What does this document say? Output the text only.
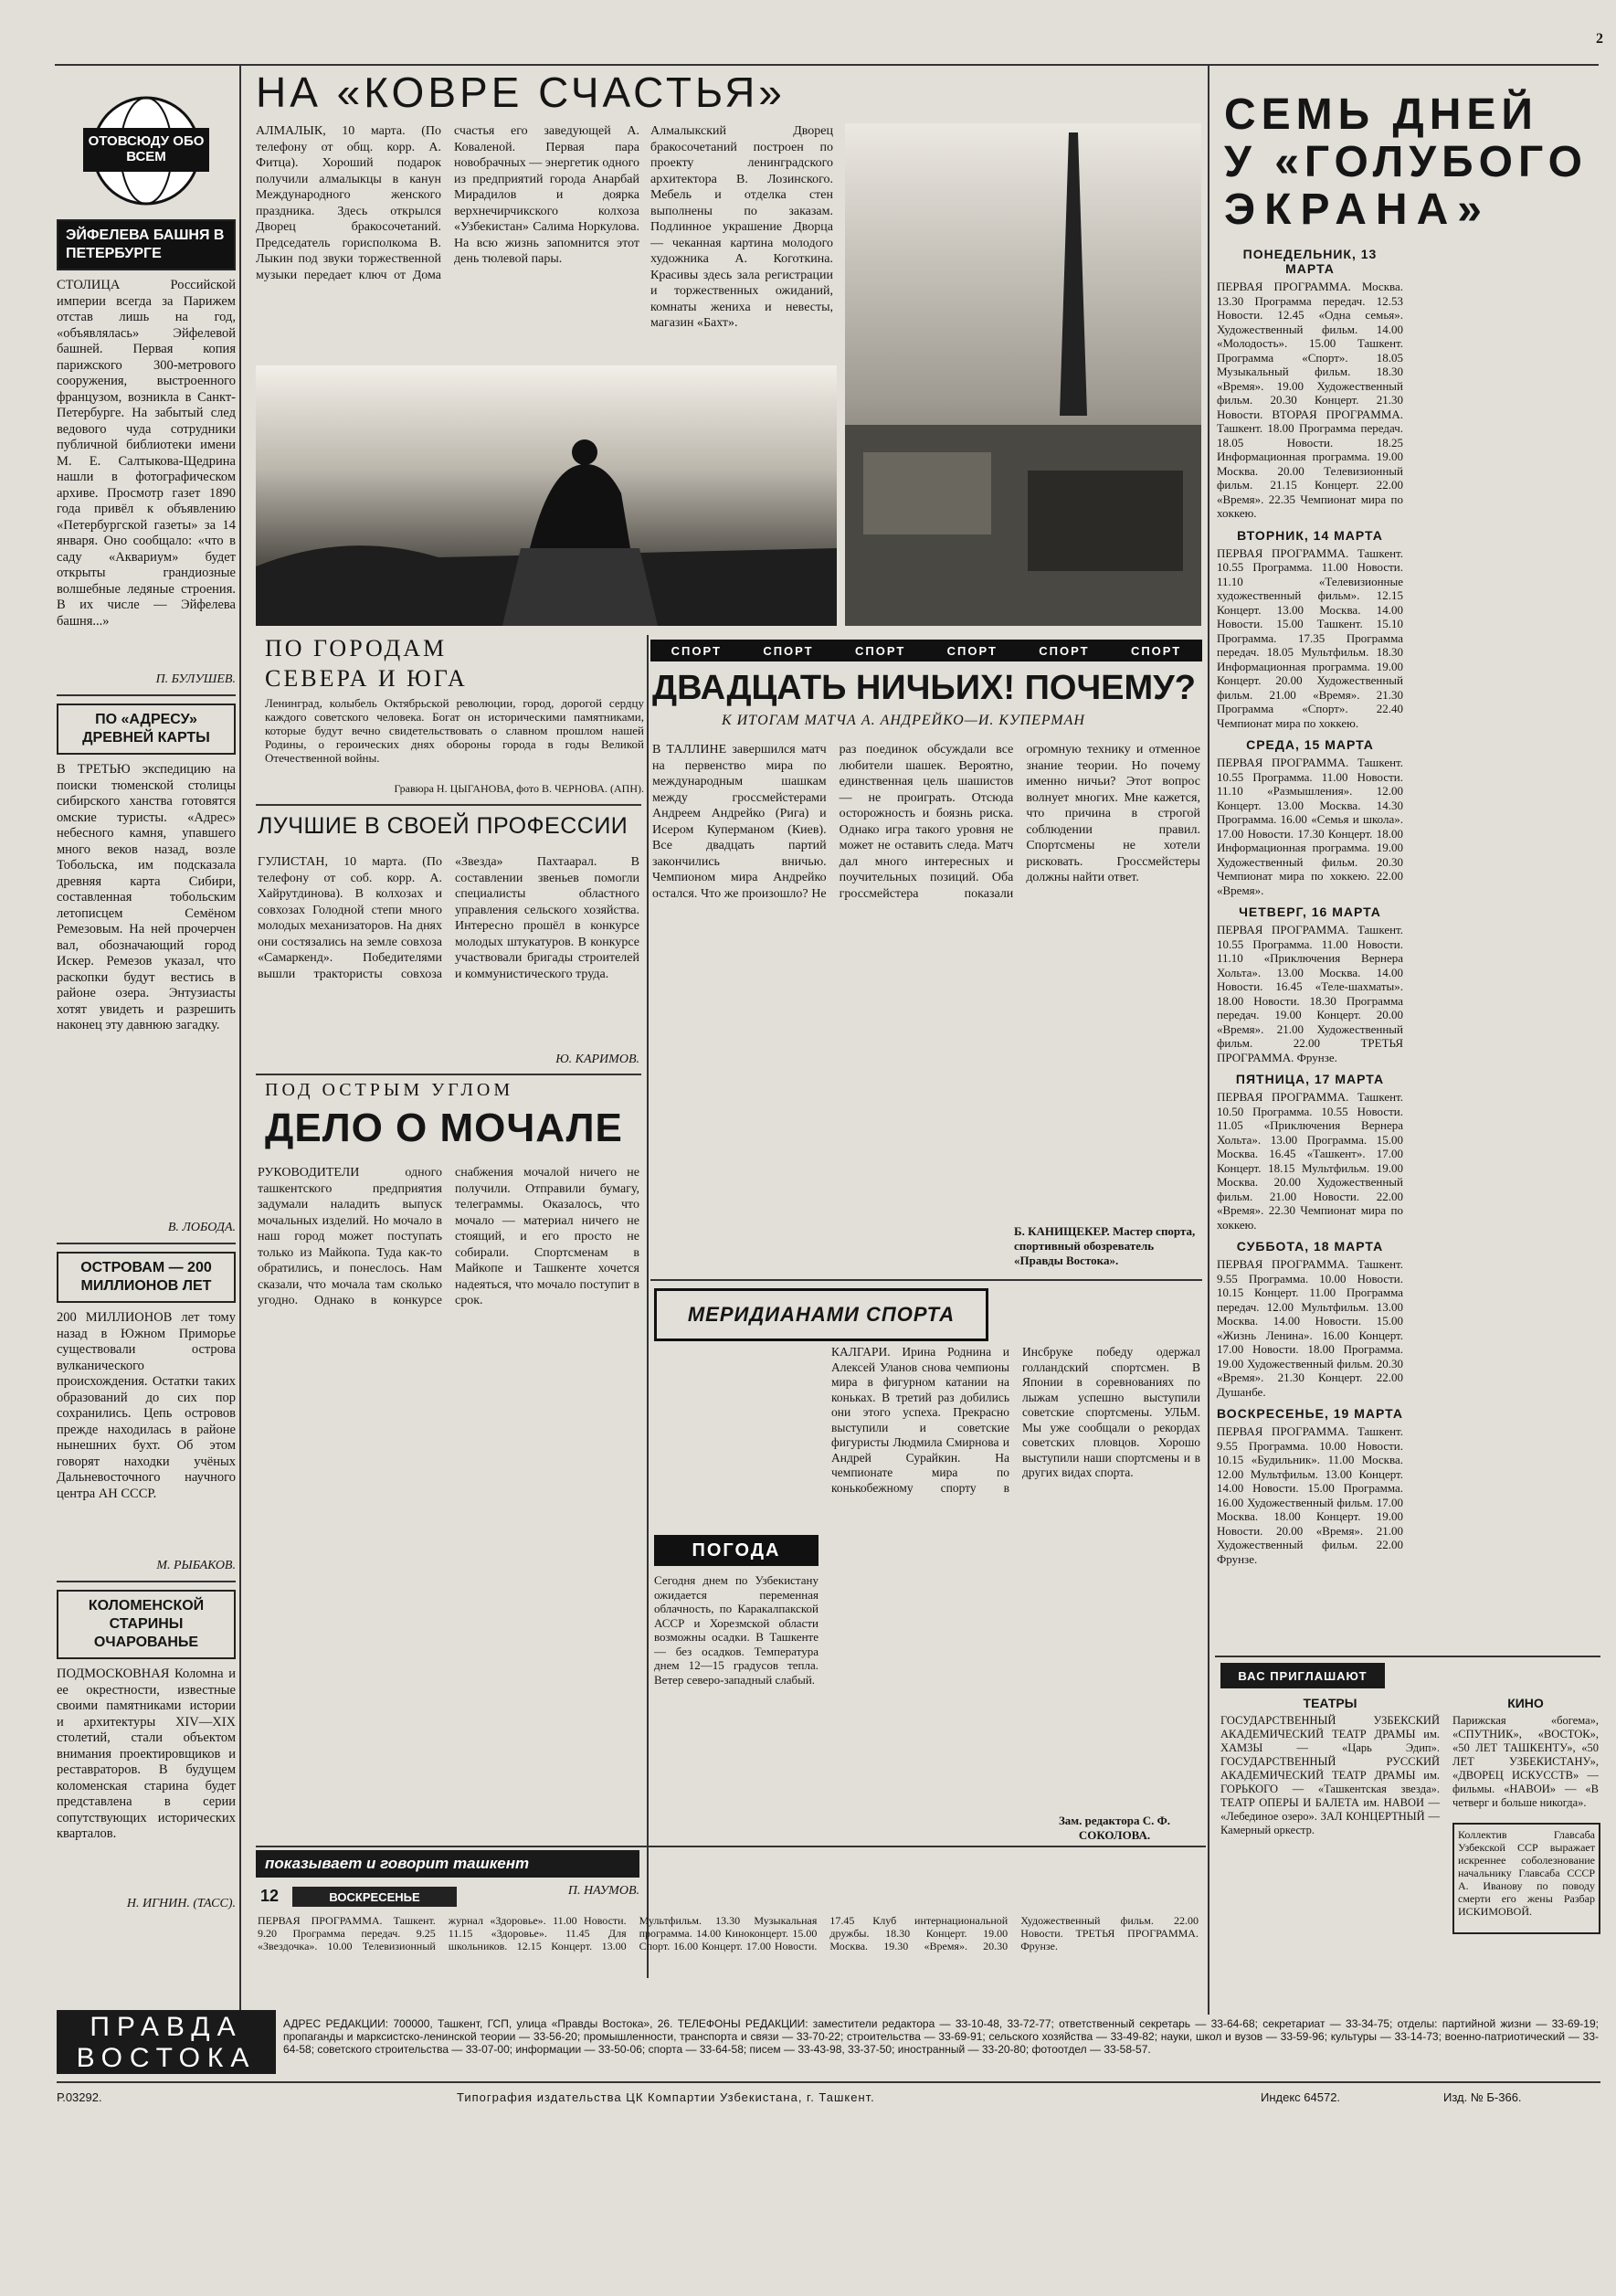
2
ОТОВСЮДУ ОБО ВСЕМ
ЭЙФЕЛЕВА БАШНЯ В ПЕТЕРБУРГЕ
СТОЛИЦА Российской империи всегда за Парижем отстав лишь на год, «объявлялась» Эйфелевой башней. Первая копия парижского 300-метрового сооружения, выстроенного французом, возникла в Санкт-Петербурге. На забытый след ведового чуда сотрудники публичной библиотеки имени М. Е. Салтыкова-Щедрина нашли в фотографическом архиве. Просмотр газет 1890 года привёл к объявлению «Петербургской газеты» за 14 января. Оно сообщало: «что в саду «Аквариум» будет открыты грандиозные волшебные ледяные строения. В их числе — Эйфелева башня...»
П. БУЛУШЕВ.
ПО «АДРЕСУ» ДРЕВНЕЙ КАРТЫ
В ТРЕТЬЮ экспедицию на поиски тюменской столицы сибирского ханства готовятся омские туристы. «Адрес» небесного камня, упавшего много веков назад, возле Тобольска, им подсказала древняя карта Сибири, составленная тобольским летописцем Семёном Ремезовым. На ней прочерчен вал, обозначающий город Искер. Ремезов указал, что раскопки будут вестись в районе озера. Энтузиасты хотят увидеть и разрешить наконец эту давнюю загадку.
В. ЛОБОДА.
ОСТРОВАМ — 200 МИЛЛИОНОВ ЛЕТ
200 МИЛЛИОНОВ лет тому назад в Южном Приморье существовали острова вулканического происхождения. Остатки таких образований до сих пор сохранились. Цепь островов прежде находилась в районе нынешних бухт. Об этом говорят находки учёных Дальневосточного научного центра АН СССР.
М. РЫБАКОВ.
КОЛОМЕНСКОЙ СТАРИНЫ ОЧАРОВАНЬЕ
ПОДМОСКОВНАЯ Коломна и ее окрестности, известные своими памятниками истории и архитектуры XIV—XIX столетий, стали объектом внимания проектировщиков и реставраторов. В будущем коломенская старина будет представлена в серии сопутствующих исторических кварталов.
Н. ИГНИН. (ТАСС).
ПРАВДА
ВОСТОКА
НА «КОВРЕ СЧАСТЬЯ»
АЛМАЛЫК, 10 марта. (По телефону от общ. корр. А. Фитца). Хороший подарок получили алмалыкцы в канун Международного женского праздника. Здесь открылся Дворец бракосочетаний. Председатель горисполкома В. Лыкин под звуки торжественной музыки передает ключ от Дома счастья его заведующей А. Коваленой. Первая пара новобрачных — энергетик одного из предприятий города Анарбай Мирадилов и доярка верхнечирчикского колхоза «Узбекистан» Салима Норкулова. На всю жизнь запомнится этот день тюлевой пары.
Алмалыкский Дворец бракосочетаний построен по проекту ленинградского архитектора В. Лозинского. Мебель и отделка стен выполнены по заказам. Подлинное украшение Дворца — чеканная картина молодого художника А. Коготкина. Красивы здесь зала регистрации и торжественных ожиданий, комнаты жениха и невесты, магазин «Бахт».
ПО ГОРОДАМ
СЕВЕРА И ЮГА
Ленинград, колыбель Октябрьской революции, город, дорогой сердцу каждого советского человека. Богат он историческими памятниками, которые будут вечно свидетельствовать о славном прошлом нашей Родины, о героических днях обороны города в годы Великой Отечественной войны.
Гравюра Н. ЦЫГАНОВА, фото В. ЧЕРНОВА. (АПН).
ЛУЧШИЕ В СВОЕЙ ПРОФЕССИИ
ГУЛИСТАН, 10 марта. (По телефону от соб. корр. А. Хайрутдинова). В колхозах и совхозах Голодной степи много молодых механизаторов. На днях они состязались на земле совхоза «Самаркенд». Победителями вышли трактористы совхоза «Звезда» Пахтаарал. В составлении звеньев помогли специалисты областного управления сельского хозяйства. Интересно прошёл в конкурсе молодых штукатуров. В конкурсе участвовали бригады строителей и коммунистического труда.
Ю. КАРИМОВ.
ПОД ОСТРЫМ УГЛОМ
ДЕЛО О МОЧАЛЕ
РУКОВОДИТЕЛИ одного ташкентского предприятия задумали наладить выпуск мочальных изделий. Но мочало в наш город может поступать только из Майкопа. Туда как-то обратились, и понеслось. Нам сказали, что мочала там сколько угодно. Однако в конкурсе снабжения мочалой ничего не получили. Отправили бумагу, телеграммы. Оказалось, что мочало — материал ничего не стоящий, и его просто не собирали. Спортсменам в Майкопе и Ташкенте хочется надеяться, что мочало поступит в срок.
П. НАУМОВ.
СПОРТ	СПОРТ	СПОРТ	СПОРТ	СПОРТ	СПОРТ
ДВАДЦАТЬ НИЧЬИХ! ПОЧЕМУ?
К ИТОГАМ МАТЧА А. АНДРЕЙКО—И. КУПЕРМАН
В ТАЛЛИНЕ завершился матч на первенство мира по международным шашкам между гроссмейстерами Андреем Андрейко (Рига) и Исером Куперманом (Киев). Все двадцать партий закончились вничью. Чемпионом мира Андрейко остался. Что же произошло? Не раз поединок обсуждали все любители шашек. Вероятно, единственная цель шашистов — не проиграть. Отсюда осторожность и боязнь риска. Однако игра такого уровня не может не оставить следа. Матч дал много интересных и поучительных позиций. Оба гроссмейстера показали огромную технику и отменное знание теории. Но почему именно ничьи? Этот вопрос волнует многих. Мне кажется, что причина в строгой соблюдении правил. Спортсмены не хотели рисковать. Гроссмейстеры должны найти ответ.
Б. КАНИЩЕКЕР. Мастер спорта, спортивный обозреватель «Правды Востока».
МЕРИДИАНАМИ СПОРТА
КАЛГАРИ. Ирина Роднина и Алексей Уланов снова чемпионы мира в фигурном катании на коньках. В третий раз добились они этого успеха. Прекрасно выступили и советские фигуристы Людмила Смирнова и Андрей Сурайкин. На чемпионате мира по конькобежному спорту в Инсбруке победу одержал голландский спортсмен. В Японии в соревнованиях по лыжам успешно выступили советские спортсмены. УЛЬМ. Мы уже сообщали о рекордах советских пловцов. Хорошо выступили наши спортсмены и в других видах спорта.
ПОГОДА
Сегодня днем по Узбекистану ожидается переменная облачность, по Каракалпакской АССР и Хорезмской области возможны осадки. В Ташкенте — без осадков. Температура днем 12—15 градусов тепла. Ветер северо-западный слабый.
Зам. редактора С. Ф. СОКОЛОВА.
показывает и говорит ташкент
12	ВОСКРЕСЕНЬЕ
ПЕРВАЯ ПРОГРАММА. Ташкент. 9.20 Программа передач. 9.25 «Звездочка». 10.00 Телевизионный журнал «Здоровье». 11.00 Новости. 11.15 «Здоровье». 11.45 Для школьников. 12.15 Концерт. 13.00 Мультфильм. 13.30 Музыкальная программа. 14.00 Киноконцерт. 15.00 Спорт. 16.00 Концерт. 17.00 Новости. 17.45 Клуб интернациональной дружбы. 18.30 Концерт. 19.00 Москва. 19.30 «Время». 20.30 Художественный фильм. 22.00 Новости. ТРЕТЬЯ ПРОГРАММА. Фрунзе.
СЕМЬ ДНЕЙ
У «ГОЛУБОГО
ЭКРАНА»
ПОНЕДЕЛЬНИК, 13 МАРТА
ПЕРВАЯ ПРОГРАММА. Москва. 13.30 Программа передач. 12.53 Новости. 12.45 «Одна семья». Художественный фильм. 14.00 «Молодость». 15.00 Ташкент. Программа «Спорт». 18.05 Музыкальный фильм. 18.30 «Время». 19.00 Художественный фильм. 20.30 Концерт. 21.30 Новости. ВТОРАЯ ПРОГРАММА. Ташкент. 18.00 Программа передач. 18.05 Новости. 18.25 Информационная программа. 19.00 Москва. 20.00 Телевизионный фильм. 21.15 Концерт. 22.00 «Время». 22.35 Чемпионат мира по хоккею.
ВТОРНИК, 14 МАРТА
ПЕРВАЯ ПРОГРАММА. Ташкент. 10.55 Программа. 11.00 Новости. 11.10 «Телевизионные художественный фильм». 12.15 Концерт. 13.00 Москва. 14.00 Новости. 15.00 Ташкент. 15.10 Программа. 17.35 Программа передач. 18.05 Мультфильм. 18.30 Информационная программа. 19.00 Концерт. 20.00 Художественный фильм. 21.00 «Время». 21.30 Программа «Спорт». 22.40 Чемпионат мира по хоккею.
СРЕДА, 15 МАРТА
ПЕРВАЯ ПРОГРАММА. Ташкент. 10.55 Программа. 11.00 Новости. 11.10 «Размышления». 12.00 Концерт. 13.00 Москва. 14.30 Программа. 16.00 «Семья и школа». 17.00 Новости. 17.30 Концерт. 18.00 Информационная программа. 19.00 Художественный фильм. 20.30 Чемпионат мира по хоккею. 22.00 «Время».
ЧЕТВЕРГ, 16 МАРТА
ПЕРВАЯ ПРОГРАММА. Ташкент. 10.55 Программа. 11.00 Новости. 11.10 «Приключения Вернера Хольта». 13.00 Москва. 14.00 Новости. 16.45 «Теле-шахматы». 18.00 Новости. 18.30 Программа передач. 19.00 Концерт. 20.00 «Время». 21.00 Художественный фильм. 22.00 ТРЕТЬЯ ПРОГРАММА. Фрунзе.
ПЯТНИЦА, 17 МАРТА
ПЕРВАЯ ПРОГРАММА. Ташкент. 10.50 Программа. 10.55 Новости. 11.05 «Приключения Вернера Хольта». 13.00 Программа. 15.00 Москва. 16.45 «Ташкент». 17.00 Концерт. 18.15 Мультфильм. 19.00 Москва. 20.00 Художественный фильм. 21.00 Новости. 22.00 «Время». 22.30 Чемпионат мира по хоккею.
СУББОТА, 18 МАРТА
ПЕРВАЯ ПРОГРАММА. Ташкент. 9.55 Программа. 10.00 Новости. 10.15 Концерт. 11.00 Программа передач. 12.00 Мультфильм. 13.00 Москва. 14.00 Новости. 15.00 «Жизнь Ленина». 16.00 Концерт. 17.00 Новости. 18.00 Программа. 19.00 Художественный фильм. 20.30 «Время». 21.30 Концерт. 22.00 Душанбе.
ВОСКРЕСЕНЬЕ, 19 МАРТА
ПЕРВАЯ ПРОГРАММА. Ташкент. 9.55 Программа. 10.00 Новости. 10.15 «Будильник». 11.00 Москва. 12.00 Мультфильм. 13.00 Концерт. 14.00 Новости. 15.00 Программа. 16.00 Художественный фильм. 17.00 Москва. 18.00 Концерт. 19.00 Новости. 20.00 «Время». 21.00 Художественный фильм. 22.00 Фрунзе.
ВАС ПРИГЛАШАЮТ
ТЕАТРЫ
ГОСУДАРСТВЕННЫЙ УЗБЕКСКИЙ АКАДЕМИЧЕСКИЙ ТЕАТР ДРАМЫ им. ХАМЗЫ — «Царь Эдип». ГОСУДАРСТВЕННЫЙ РУССКИЙ АКАДЕМИЧЕСКИЙ ТЕАТР ДРАМЫ им. ГОРЬКОГО — «Ташкентская звезда». ТЕАТР ОПЕРЫ И БАЛЕТА им. НАВОИ — «Лебединое озеро». ЗАЛ КОНЦЕРТНЫЙ — Камерный оркестр.
КИНО
Парижская «богема», «СПУТНИК», «ВОСТОК», «50 ЛЕТ ТАШКЕНТУ», «50 ЛЕТ УЗБЕКИСТАНУ», «ДВОРЕЦ ИСКУССТВ» — фильмы. «НАВОИ» — «В четверг и больше никогда».
Коллектив Главсаба Узбекской ССР выражает искреннее соболезнование начальнику Главсаба СССР А. Иванову по поводу смерти его жены Разбар ИСКИМОВОЙ.
АДРЕС РЕДАКЦИИ: 700000, Ташкент, ГСП, улица «Правды Востока», 26. ТЕЛЕФОНЫ РЕДАКЦИИ: заместители редактора — 33-10-48, 33-72-77; ответственный секретарь — 33-64-68; секретариат — 33-34-75; отделы: партийной жизни — 33-69-19; пропаганды и марксистско-ленинской теории — 33-56-20; промышленности, транспорта и связи — 33-70-22; строительства — 33-69-91; сельского хозяйства — 33-49-82; науки, школ и вузов — 33-59-96; культуры — 33-14-73; военно-патриотический — 33-64-58; советского строительства — 33-07-00; информации — 33-50-06; спорта — 33-64-58; писем — 33-43-98, 33-37-50; иностранный — 33-20-80; фотоотдел — 33-58-57.
Р.03292.	Типография издательства ЦК Компартии Узбекистана, г. Ташкент.	Индекс 64572.	Изд. № Б-366.
